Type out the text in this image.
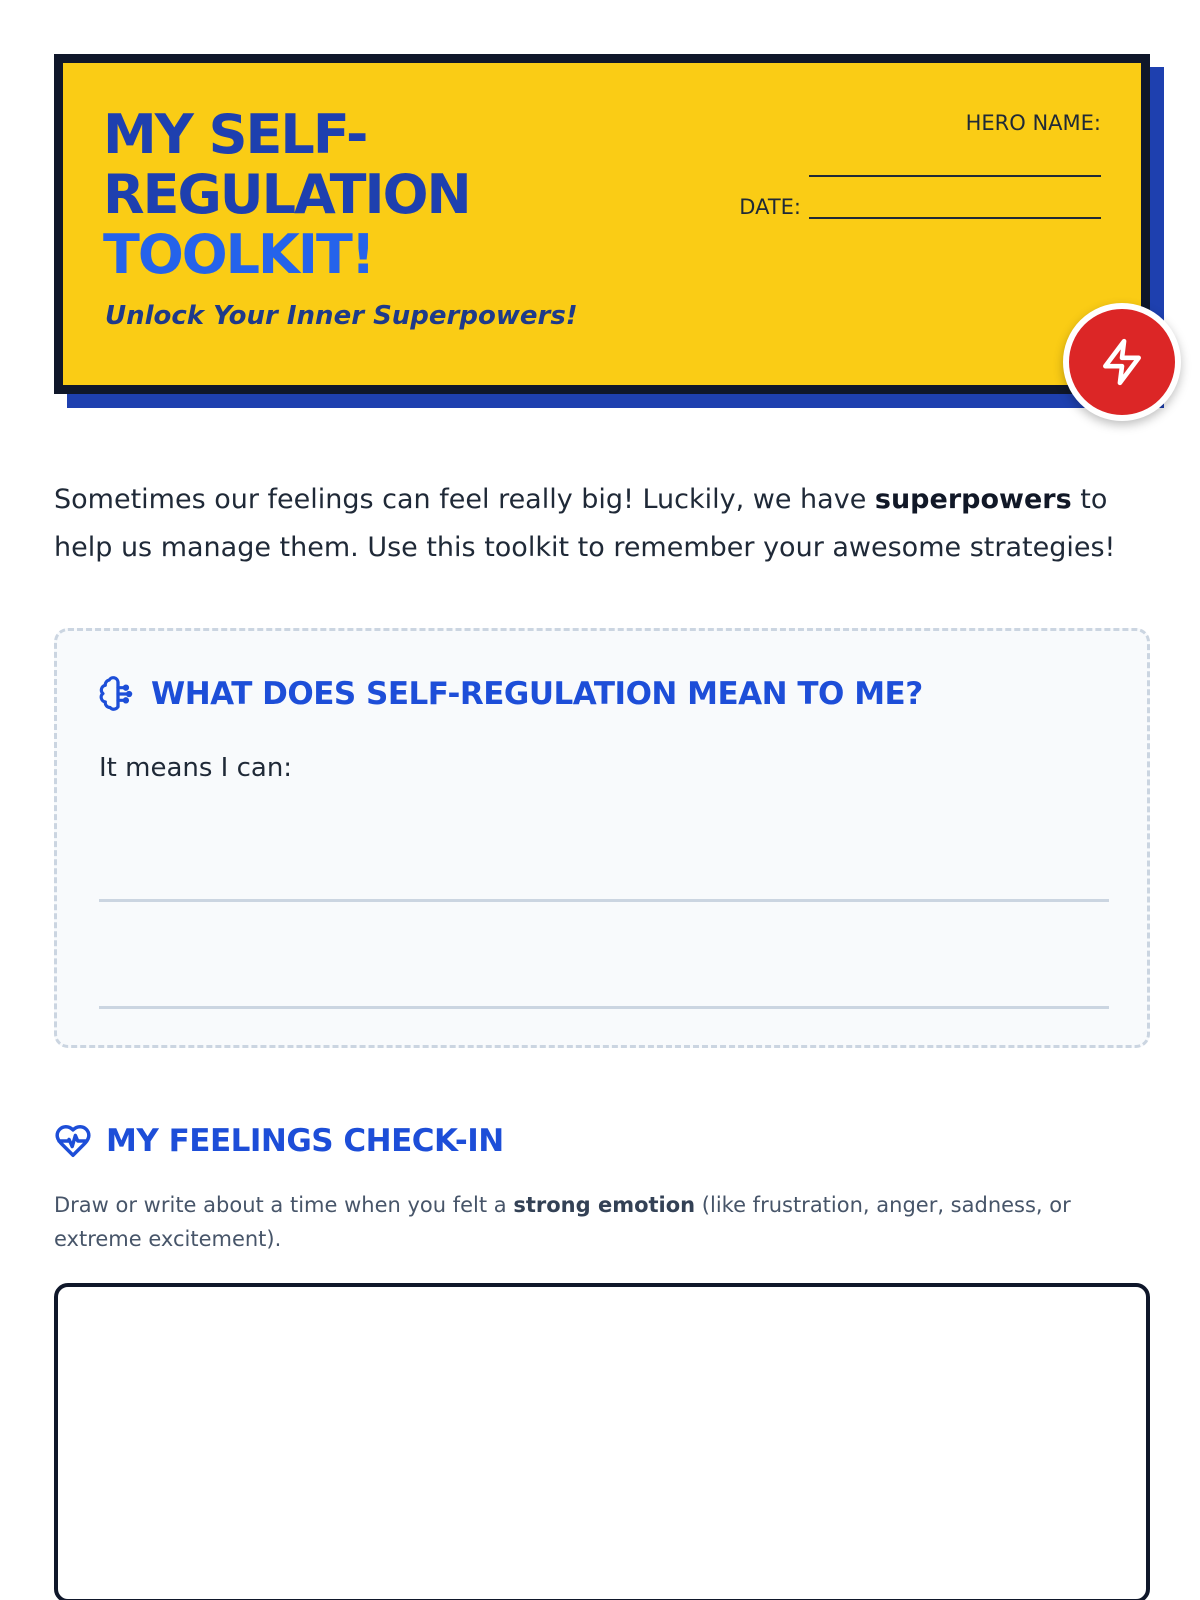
MY SELF-
REGULATION
TOOLKIT!
Unlock Your Inner Superpowers!
HERO NAME:
DATE:

Sometimes our feelings can feel really big! Luckily, we have superpowers to help us manage them. Use this toolkit to remember your awesome strategies!

WHAT DOES SELF-REGULATION MEAN TO ME?
It means I can:
MY FEELINGS CHECK-IN

Draw or write about a time when you felt a strong emotion (like frustration, anger, sadness, or extreme excitement).
